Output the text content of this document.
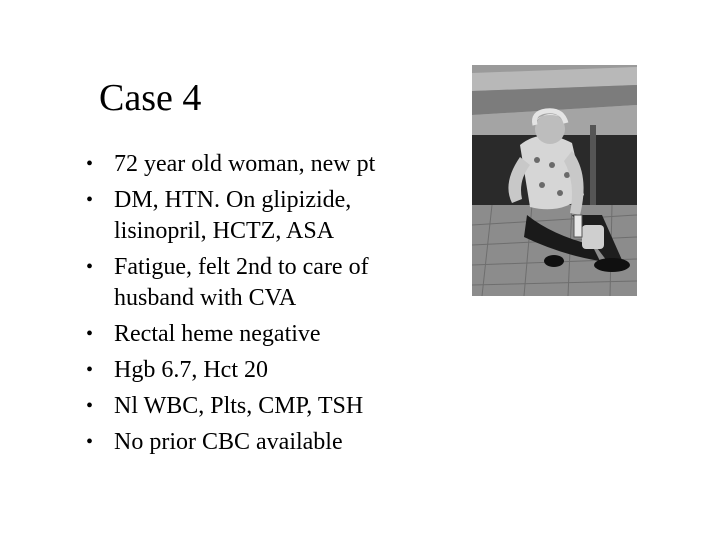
Case 4
• 72 year old woman, new pt
• DM, HTN. On glipizide, lisinopril, HCTZ, ASA
• Fatigue, felt 2nd to care of husband with CVA
• Rectal heme negative
• Hgb 6.7, Hct 20
• Nl WBC, Plts, CMP, TSH
• No prior CBC available
